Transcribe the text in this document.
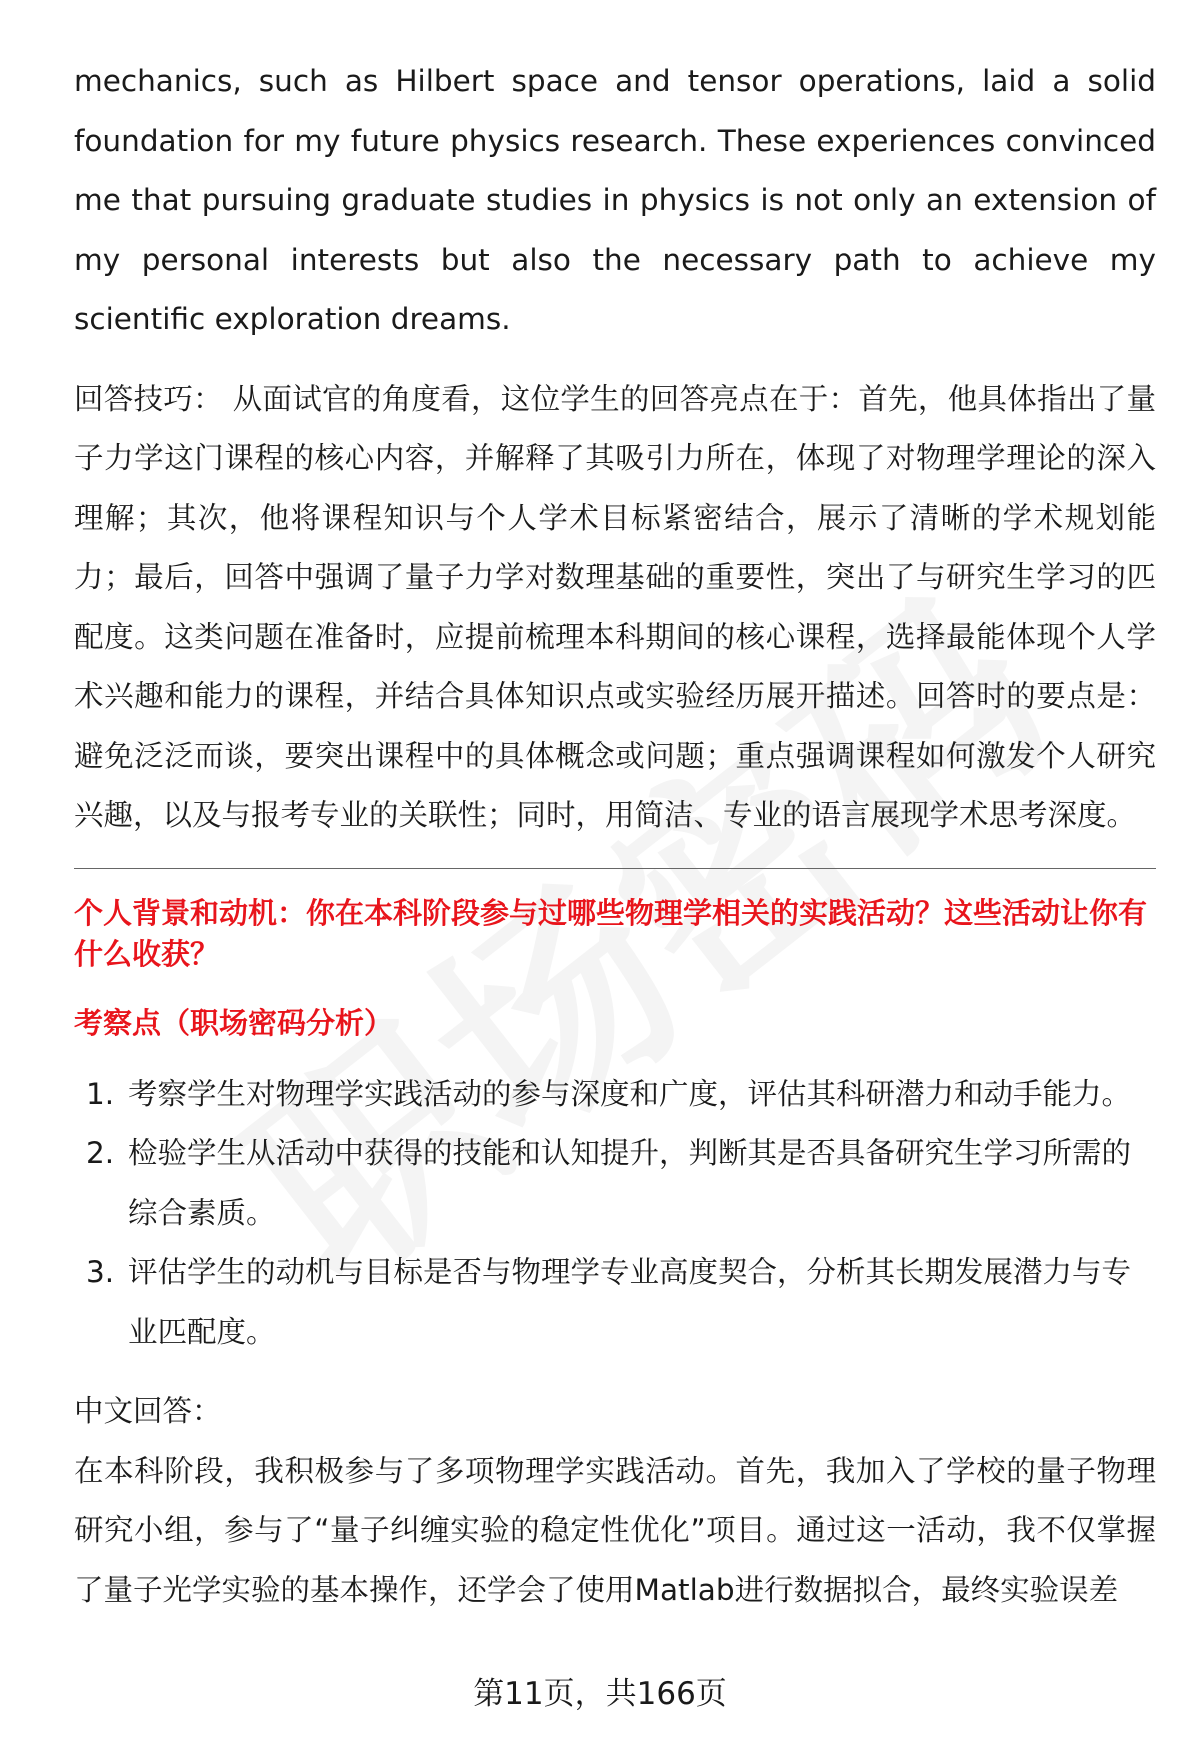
mechanics, such as Hilbert space and tensor operations, laid a solid foundation for my future physics research. These experiences convinced me that pursuing graduate studies in physics is not only an extension of my personal interests but also the necessary path to achieve my scientific exploration dreams.

回答技巧： 从面试官的角度看，这位学生的回答亮点在于：首先，他具体指出了量子力学这门课程的核心内容，并解释了其吸引力所在，体现了对物理学理论的深入理解；其次，他将课程知识与个人学术目标紧密结合，展示了清晰的学术规划能力；最后，回答中强调了量子力学对数理基础的重要性，突出了与研究生学习的匹配度。这类问题在准备时，应提前梳理本科期间的核心课程，选择最能体现个人学术兴趣和能力的课程，并结合具体知识点或实验经历展开描述。回答时的要点是：避免泛泛而谈，要突出课程中的具体概念或问题；重点强调课程如何激发个人研究兴趣，以及与报考专业的关联性；同时，用简洁、专业的语言展现学术思考深度。

个人背景和动机：你在本科阶段参与过哪些物理学相关的实践活动？这些活动让你有什么收获？

考察点（职场密码分析）

1. 考察学生对物理学实践活动的参与深度和广度，评估其科研潜力和动手能力。
2. 检验学生从活动中获得的技能和认知提升，判断其是否具备研究生学习所需的综合素质。
3. 评估学生的动机与目标是否与物理学专业高度契合，分析其长期发展潜力与专业匹配度。

中文回答：

在本科阶段，我积极参与了多项物理学实践活动。首先，我加入了学校的量子物理研究小组，参与了“量子纠缠实验的稳定性优化”项目。通过这一活动，我不仅掌握了量子光学实验的基本操作，还学会了使用Matlab进行数据拟合，最终实验误差

第11页，共166页
